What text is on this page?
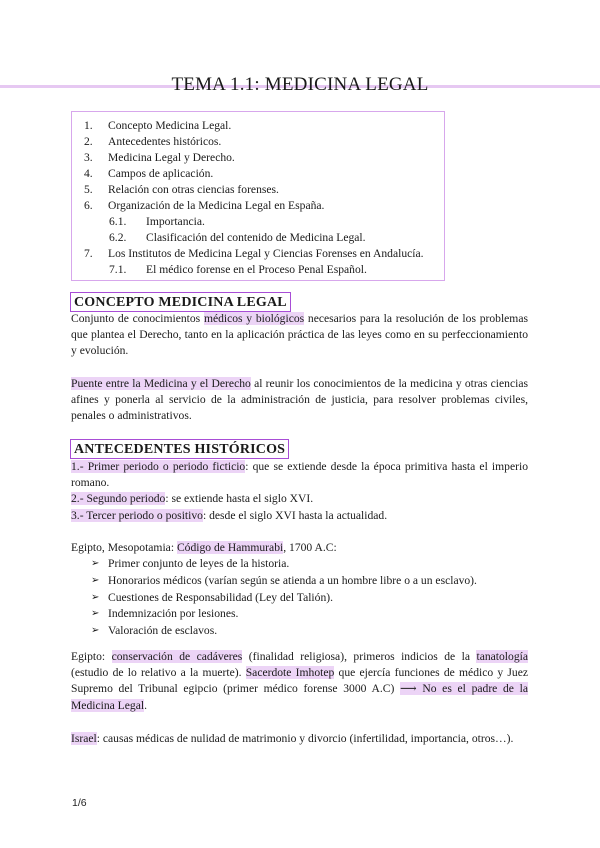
TEMA 1.1: MEDICINA LEGAL
1.	Concepto Medicina Legal.
2.	Antecedentes históricos.
3.	Medicina Legal y Derecho.
4.	Campos de aplicación.
5.	Relación con otras ciencias forenses.
6.	Organización de la Medicina Legal en España.
6.1.	Importancia.
6.2.	Clasificación del contenido de Medicina Legal.
7.	Los Institutos de Medicina Legal y Ciencias Forenses en Andalucía.
7.1.	El médico forense en el Proceso Penal Español.
CONCEPTO MEDICINA LEGAL
Conjunto de conocimientos médicos y biológicos necesarios para la resolución de los problemas que plantea el Derecho, tanto en la aplicación práctica de las leyes como en su perfeccionamiento y evolución.
Puente entre la Medicina y el Derecho al reunir los conocimientos de la medicina y otras ciencias afines y ponerla al servicio de la administración de justicia, para resolver problemas civiles, penales o administrativos.
ANTECEDENTES HISTÓRICOS
1.- Primer periodo o periodo ficticio: que se extiende desde la época primitiva hasta el imperio romano.
2.- Segundo periodo: se extiende hasta el siglo XVI.
3.- Tercer periodo o positivo: desde el siglo XVI hasta la actualidad.
Egipto, Mesopotamia: Código de Hammurabi, 1700 A.C:
➢ Primer conjunto de leyes de la historia.
➢ Honorarios médicos (varían según se atienda a un hombre libre o a un esclavo).
➢ Cuestiones de Responsabilidad (Ley del Talión).
➢ Indemnización por lesiones.
➢ Valoración de esclavos.
Egipto: conservación de cadáveres (finalidad religiosa), primeros indicios de la tanatología (estudio de lo relativo a la muerte). Sacerdote Imhotep que ejercía funciones de médico y Juez Supremo del Tribunal egipcio (primer médico forense 3000 A.C) ⟶ No es el padre de la Medicina Legal.
Israel: causas médicas de nulidad de matrimonio y divorcio (infertilidad, importancia, otros…).
1/6
